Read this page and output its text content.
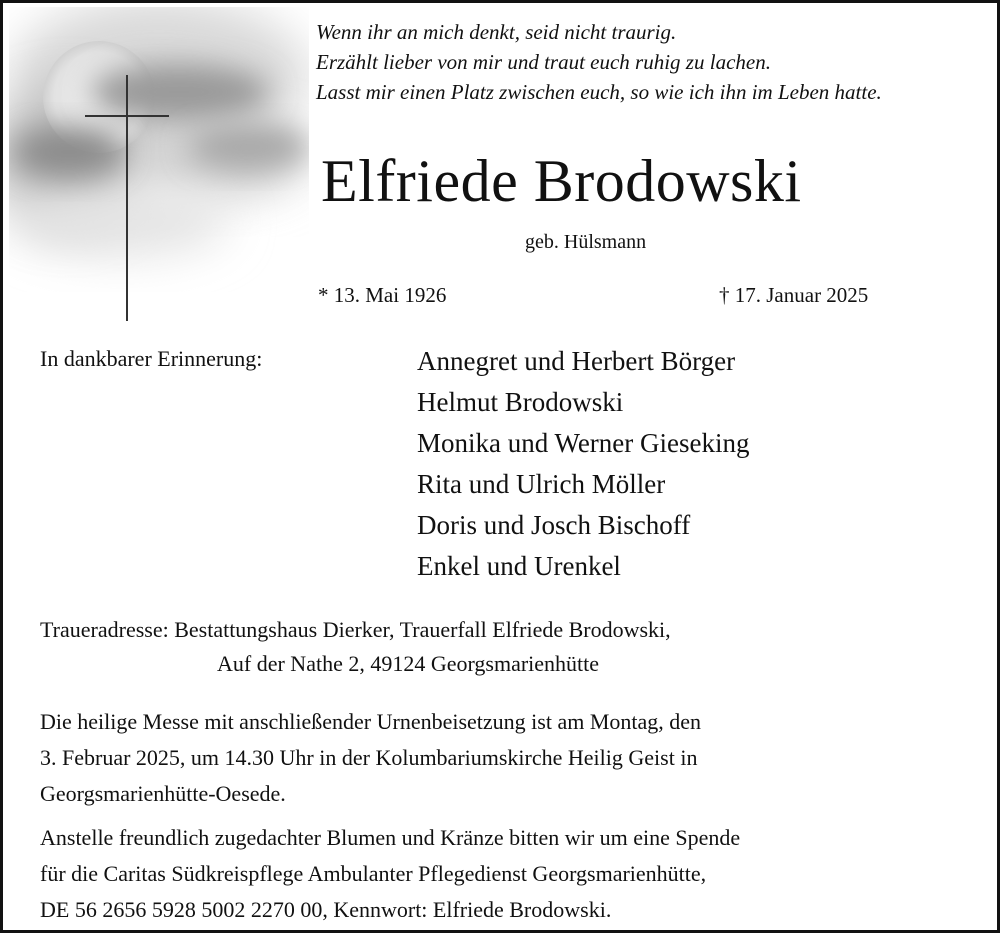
Wenn ihr an mich denkt, seid nicht traurig.
Erzählt lieber von mir und traut euch ruhig zu lachen.
Lasst mir einen Platz zwischen euch, so wie ich ihn im Leben hatte.
Elfriede Brodowski
geb. Hülsmann
* 13. Mai 1926	† 17. Januar 2025
In dankbarer Erinnerung:	Annegret und Herbert Börger
Helmut Brodowski
Monika und Werner Gieseking
Rita und Ulrich Möller
Doris und Josch Bischoff
Enkel und Urenkel
Traueradresse: Bestattungshaus Dierker, Trauerfall Elfriede Brodowski,
Auf der Nathe 2, 49124 Georgsmarienhütte
Die heilige Messe mit anschließender Urnenbeisetzung ist am Montag, den
3. Februar 2025, um 14.30 Uhr in der Kolumbariumskirche Heilig Geist in
Georgsmarienhütte-Oesede.
Anstelle freundlich zugedachter Blumen und Kränze bitten wir um eine Spende
für die Caritas Südkreispflege Ambulanter Pflegedienst Georgsmarienhütte,
DE 56 2656 5928 5002 2270 00, Kennwort: Elfriede Brodowski.
